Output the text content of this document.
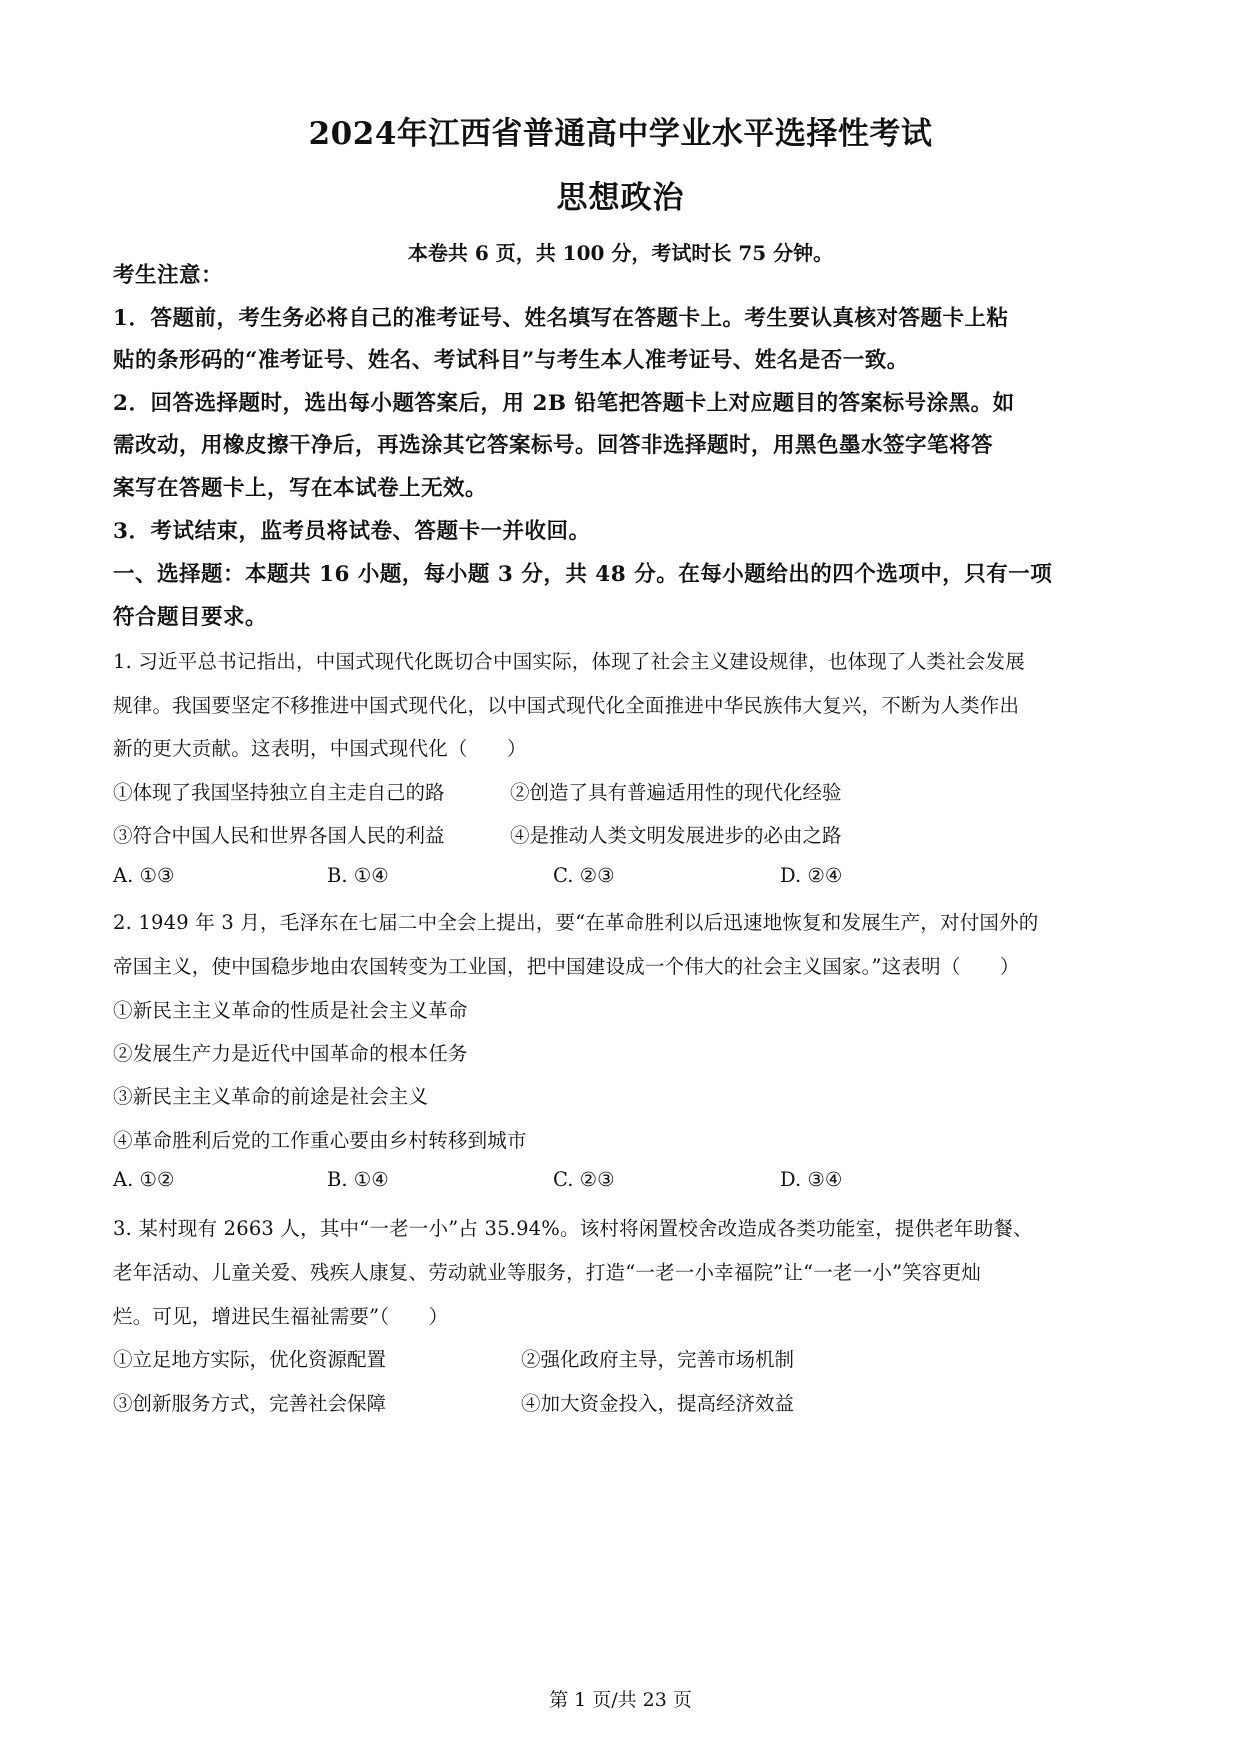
2024年江西省普通高中学业水平选择性考试
思想政治
本卷共 6 页，共 100 分，考试时长 75 分钟。
考生注意：
1．答题前，考生务必将自己的准考证号、姓名填写在答题卡上。考生要认真核对答题卡上粘
贴的条形码的“准考证号、姓名、考试科目”与考生本人准考证号、姓名是否一致。
2．回答选择题时，选出每小题答案后，用 2B 铅笔把答题卡上对应题目的答案标号涂黑。如
需改动，用橡皮擦干净后，再选涂其它答案标号。回答非选择题时，用黑色墨水签字笔将答
案写在答题卡上，写在本试卷上无效。
3．考试结束，监考员将试卷、答题卡一并收回。
一、选择题：本题共 16 小题，每小题 3 分，共 48 分。在每小题给出的四个选项中，只有一项
符合题目要求。
1. 习近平总书记指出，中国式现代化既切合中国实际，体现了社会主义建设规律，也体现了人类社会发展
规律。我国要坚定不移推进中国式现代化，以中国式现代化全面推进中华民族伟大复兴，不断为人类作出
新的更大贡献。这表明，中国式现代化（　　）
①体现了我国坚持独立自主走自己的路	②创造了具有普遍适用性的现代化经验
③符合中国人民和世界各国人民的利益	④是推动人类文明发展进步的必由之路
A. ①③	B. ①④	C. ②③	D. ②④
2. 1949 年 3 月，毛泽东在七届二中全会上提出，要“在革命胜利以后迅速地恢复和发展生产，对付国外的
帝国主义，使中国稳步地由农国转变为工业国，把中国建设成一个伟大的社会主义国家。”这表明（　　）
①新民主主义革命的性质是社会主义革命
②发展生产力是近代中国革命的根本任务
③新民主主义革命的前途是社会主义
④革命胜利后党的工作重心要由乡村转移到城市
A. ①②	B. ①④	C. ②③	D. ③④
3. 某村现有 2663 人，其中“一老一小”占 35.94%。该村将闲置校舍改造成各类功能室，提供老年助餐、
老年活动、儿童关爱、残疾人康复、劳动就业等服务，打造“一老一小幸福院”让“一老一小”笑容更灿
烂。可见，增进民生福祉需要”（　　）
①立足地方实际，优化资源配置	②强化政府主导，完善市场机制
③创新服务方式，完善社会保障	④加大资金投入，提高经济效益
第 1 页/共 23 页
